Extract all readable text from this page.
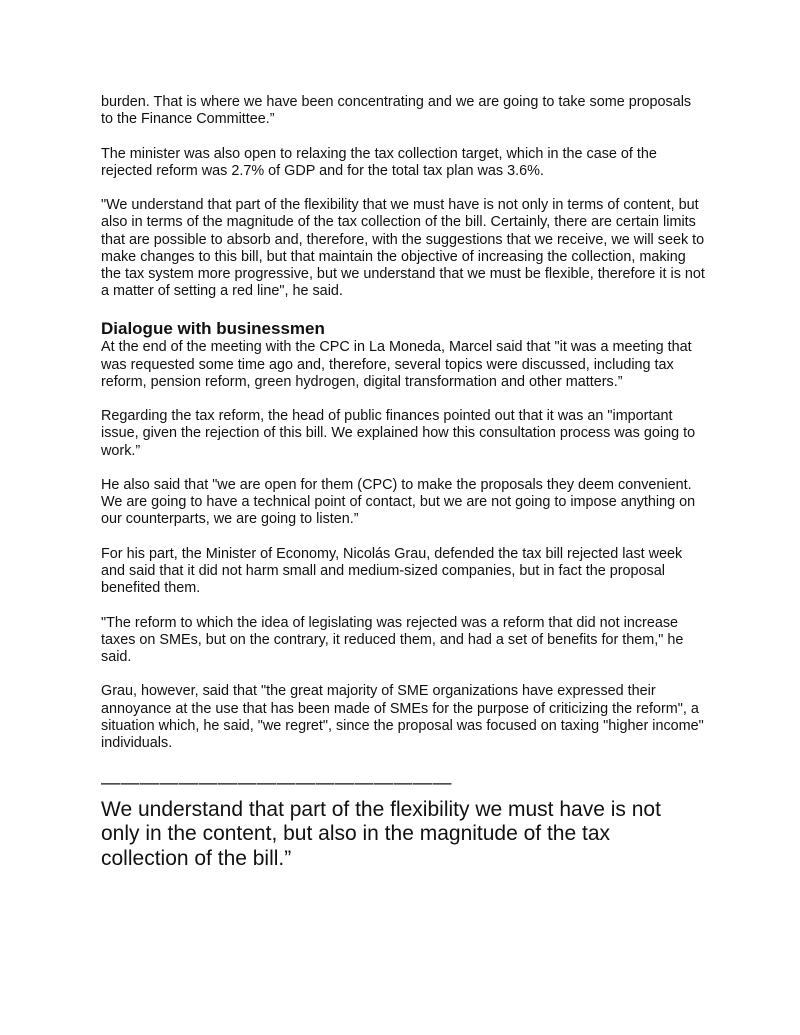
burden. That is where we have been concentrating and we are going to take some proposals to the Finance Committee.”

The minister was also open to relaxing the tax collection target, which in the case of the rejected reform was 2.7% of GDP and for the total tax plan was 3.6%.

"We understand that part of the flexibility that we must have is not only in terms of content, but also in terms of the magnitude of the tax collection of the bill. Certainly, there are certain limits that are possible to absorb and, therefore, with the suggestions that we receive, we will seek to make changes to this bill, but that maintain the objective of increasing the collection, making the tax system more progressive, but we understand that we must be flexible, therefore it is not a matter of setting a red line", he said.

Dialogue with businessmen

At the end of the meeting with the CPC in La Moneda, Marcel said that "it was a meeting that was requested some time ago and, therefore, several topics were discussed, including tax reform, pension reform, green hydrogen, digital transformation and other matters.”

Regarding the tax reform, the head of public finances pointed out that it was an "important issue, given the rejection of this bill. We explained how this consultation process was going to work.”

He also said that "we are open for them (CPC) to make the proposals they deem convenient. We are going to have a technical point of contact, but we are not going to impose anything on our counterparts, we are going to listen.”

For his part, the Minister of Economy, Nicolás Grau, defended the tax bill rejected last week and said that it did not harm small and medium-sized companies, but in fact the proposal benefited them.

"The reform to which the idea of legislating was rejected was a reform that did not increase taxes on SMEs, but on the contrary, it reduced them, and had a set of benefits for them," he said.

Grau, however, said that "the great majority of SME organizations have expressed their annoyance at the use that has been made of SMEs for the purpose of criticizing the reform", a situation which, he said, "we regret", since the proposal was focused on taxing "higher income" individuals.

——————————————————
We understand that part of the flexibility we must have is not only in the content, but also in the magnitude of the tax collection of the bill.”
